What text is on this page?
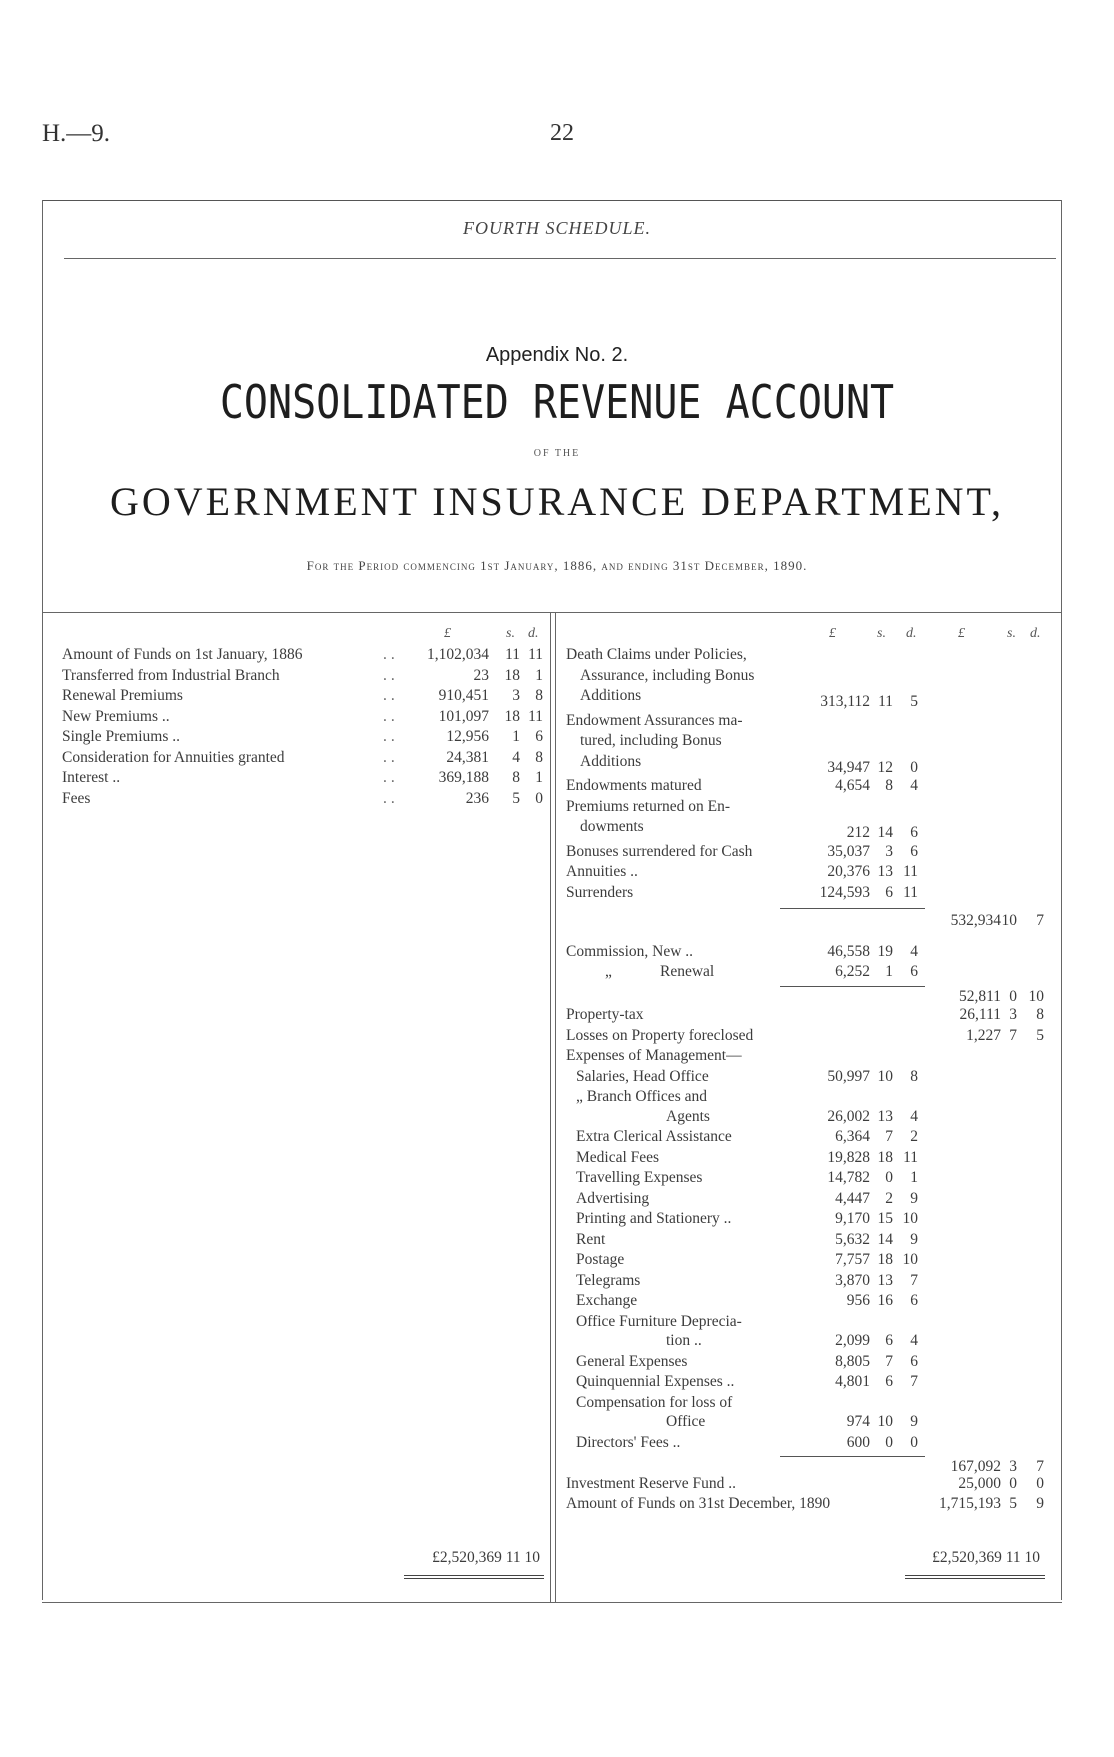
H.—9.	22
FOURTH SCHEDULE.
Appendix No. 2.
CONSOLIDATED REVENUE ACCOUNT
OF THE
GOVERNMENT INSURANCE DEPARTMENT,
For the Period commencing 1st January, 1886, and ending 31st December, 1890.
£	s. d.
Amount of Funds on 1st January, 1886	..	1,102,034	11 11
Transferred from Industrial Branch	..	23	18 1
Renewal Premiums	..	910,451	3 8
New Premiums ..	..	101,097	18 11
Single Premiums ..	..	12,956	1 6
Consideration for Annuities granted	..	24,381	4 8
Interest ..	..	369,188	8 1
Fees	..	236	5 0
£2,520,369 11 10
£	s. d.	£	s. d.
Death Claims under Policies,
Assurance, including Bonus
Additions	313,112 11	5
Endowment Assurances ma-
tured, including Bonus
Additions	34,947 12	0
Endowments matured	4,654 8	4
Premiums returned on En-
dowments	212 14	6
Bonuses surrendered for Cash	35,037 3	6
Annuities ..	20,376 13 11
Surrenders	124,593 6 11
532,934 10	7
Commission, New ..	46,558 19	4
„	Renewal	6,252 1	6
52,811 0 10
Property-tax	26,111 3	8
Losses on Property foreclosed	1,227 7	5
Expenses of Management—
Salaries, Head Office	50,997 10	8
„ Branch Offices and
Agents	26,002 13	4
Extra Clerical Assistance	6,364 7	2
Medical Fees	19,828 18 11
Travelling Expenses	14,782 0	1
Advertising	4,447 2	9
Printing and Stationery ..	9,170 15 10
Rent	5,632 14	9
Postage	7,757 18 10
Telegrams	3,870 13	7
Exchange	956 16	6
Office Furniture Deprecia-
tion ..	2,099 6	4
General Expenses	8,805 7	6
Quinquennial Expenses ..	4,801 6	7
Compensation for loss of
Office	974 10	9
Directors' Fees ..	600 0	0
167,092 3	7
Investment Reserve Fund ..	25,000 0	0
Amount of Funds on 31st December, 1890	1,715,193 5	9
£2,520,369 11 10
